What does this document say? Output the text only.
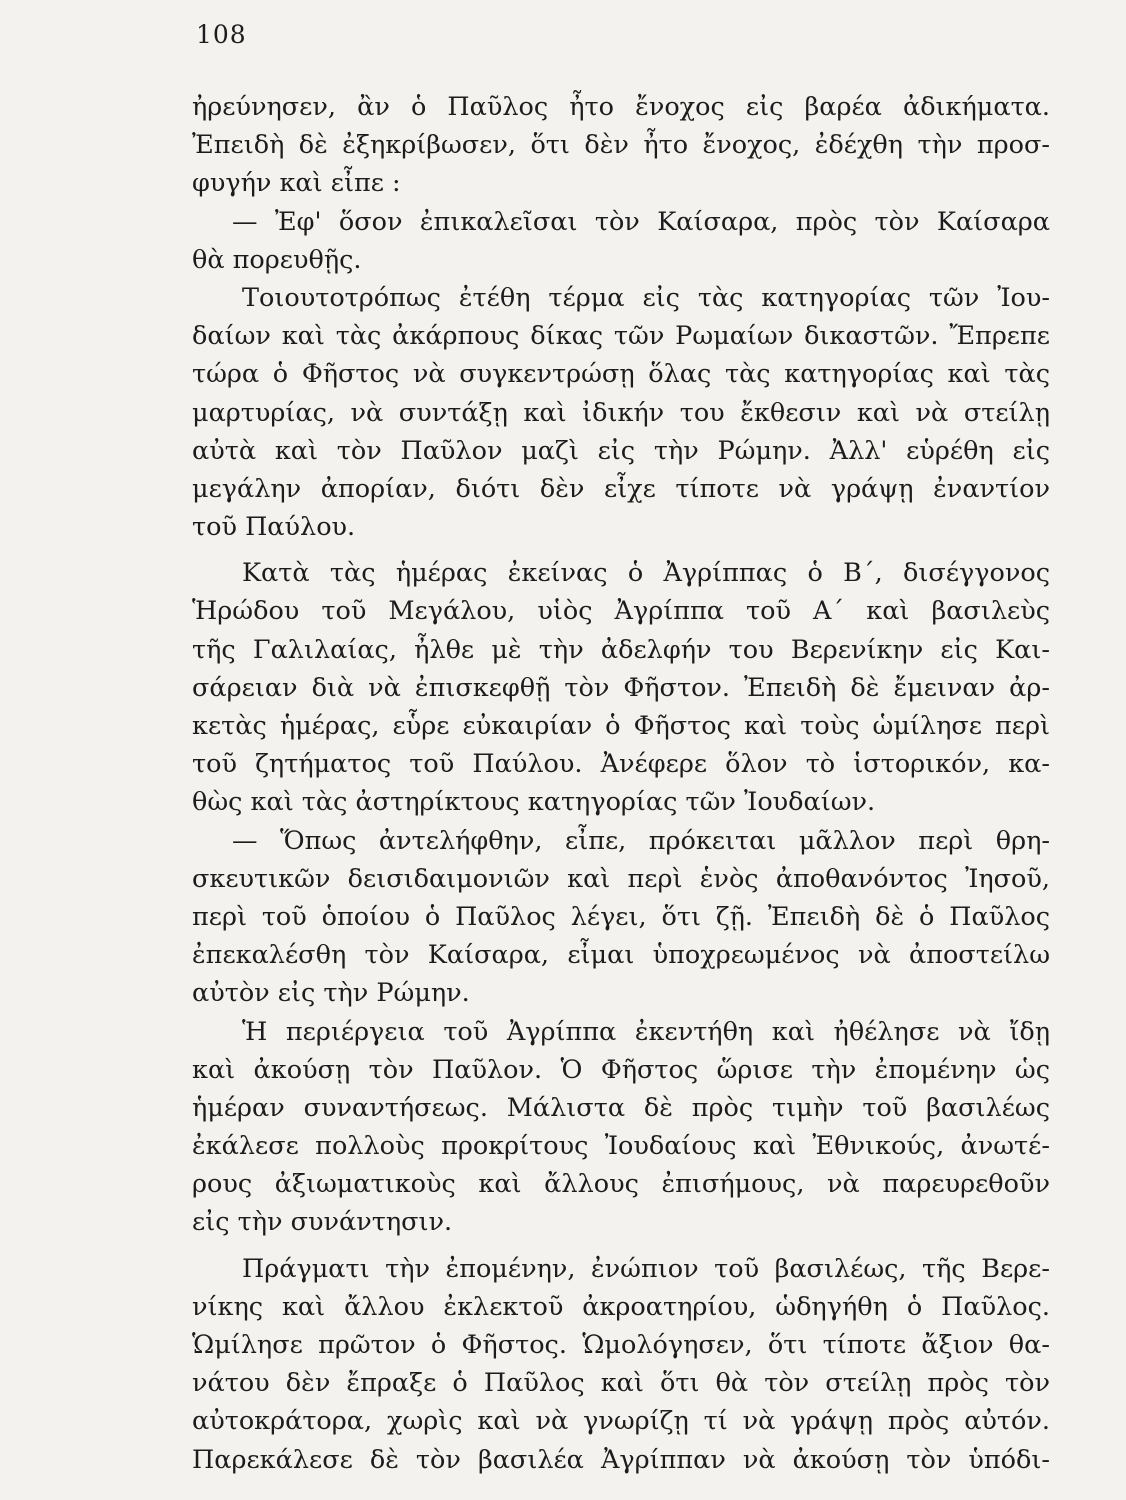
108
ἠρεύνησεν, ἂν ὁ Παῦλος ἦτο ἔνοχος εἰς βαρέα ἀδικήματα.
Ἐπειδὴ δὲ ἐξηκρίβωσεν, ὅτι δὲν ἦτο ἔνοχος, ἐδέχθη τὴν προσ-
φυγήν καὶ εἶπε :
— Ἐφ' ὅσον ἐπικαλεῖσαι τὸν Καίσαρα, πρὸς τὸν Καίσαρα
θὰ πορευθῇς.
Τοιουτοτρόπως ἐτέθη τέρμα εἰς τὰς κατηγορίας τῶν Ἰου-
δαίων καὶ τὰς ἀκάρπους δίκας τῶν Ρωμαίων δικαστῶν. Ἔπρεπε
τώρα ὁ Φῆστος νὰ συγκεντρώσῃ ὅλας τὰς κατηγορίας καὶ τὰς
μαρτυρίας, νὰ συντάξῃ καὶ ἰδικήν του ἔκθεσιν καὶ νὰ στείλῃ
αὐτὰ καὶ τὸν Παῦλον μαζὶ εἰς τὴν Ρώμην. Ἀλλ' εὑρέθη εἰς
μεγάλην ἀπορίαν, διότι δὲν εἶχε τίποτε νὰ γράψῃ ἐναντίον
τοῦ Παύλου.
Κατὰ τὰς ἡμέρας ἐκείνας ὁ Ἀγρίππας ὁ Β΄, δισέγγονος
Ἡρώδου τοῦ Μεγάλου, υἱὸς Ἀγρίππα τοῦ Α΄ καὶ βασιλεὺς
τῆς Γαλιλαίας, ἦλθε μὲ τὴν ἀδελφήν του Βερενίκην εἰς Και-
σάρειαν διὰ νὰ ἐπισκεφθῇ τὸν Φῆστον. Ἐπειδὴ δὲ ἔμειναν ἀρ-
κετὰς ἡμέρας, εὗρε εὐκαιρίαν ὁ Φῆστος καὶ τοὺς ὡμίλησε περὶ
τοῦ ζητήματος τοῦ Παύλου. Ἀνέφερε ὅλον τὸ ἱστορικόν, κα-
θὼς καὶ τὰς ἀστηρίκτους κατηγορίας τῶν Ἰουδαίων.
— Ὅπως ἀντελήφθην, εἶπε, πρόκειται μᾶλλον περὶ θρη-
σκευτικῶν δεισιδαιμονιῶν καὶ περὶ ἑνὸς ἀποθανόντος Ἰησοῦ,
περὶ τοῦ ὁποίου ὁ Παῦλος λέγει, ὅτι ζῇ. Ἐπειδὴ δὲ ὁ Παῦλος
ἐπεκαλέσθη τὸν Καίσαρα, εἶμαι ὑποχρεωμένος νὰ ἀποστείλω
αὐτὸν εἰς τὴν Ρώμην.
Ἡ περιέργεια τοῦ Ἀγρίππα ἐκεντήθη καὶ ἠθέλησε νὰ ἴδῃ
καὶ ἀκούσῃ τὸν Παῦλον. Ὁ Φῆστος ὥρισε τὴν ἐπομένην ὡς
ἡμέραν συναντήσεως. Μάλιστα δὲ πρὸς τιμὴν τοῦ βασιλέως
ἐκάλεσε πολλοὺς προκρίτους Ἰουδαίους καὶ Ἐθνικούς, ἀνωτέ-
ρους ἀξιωματικοὺς καὶ ἄλλους ἐπισήμους, νὰ παρευρεθοῦν
εἰς τὴν συνάντησιν.
Πράγματι τὴν ἐπομένην, ἐνώπιον τοῦ βασιλέως, τῆς Βερε-
νίκης καὶ ἄλλου ἐκλεκτοῦ ἀκροατηρίου, ὡδηγήθη ὁ Παῦλος.
Ὡμίλησε πρῶτον ὁ Φῆστος. Ὡμολόγησεν, ὅτι τίποτε ἄξιον θα-
νάτου δὲν ἔπραξε ὁ Παῦλος καὶ ὅτι θὰ τὸν στείλῃ πρὸς τὸν
αὐτοκράτορα, χωρὶς καὶ νὰ γνωρίζῃ τί νὰ γράψῃ πρὸς αὐτόν.
Παρεκάλεσε δὲ τὸν βασιλέα Ἀγρίππαν νὰ ἀκούσῃ τὸν ὑπόδι-
